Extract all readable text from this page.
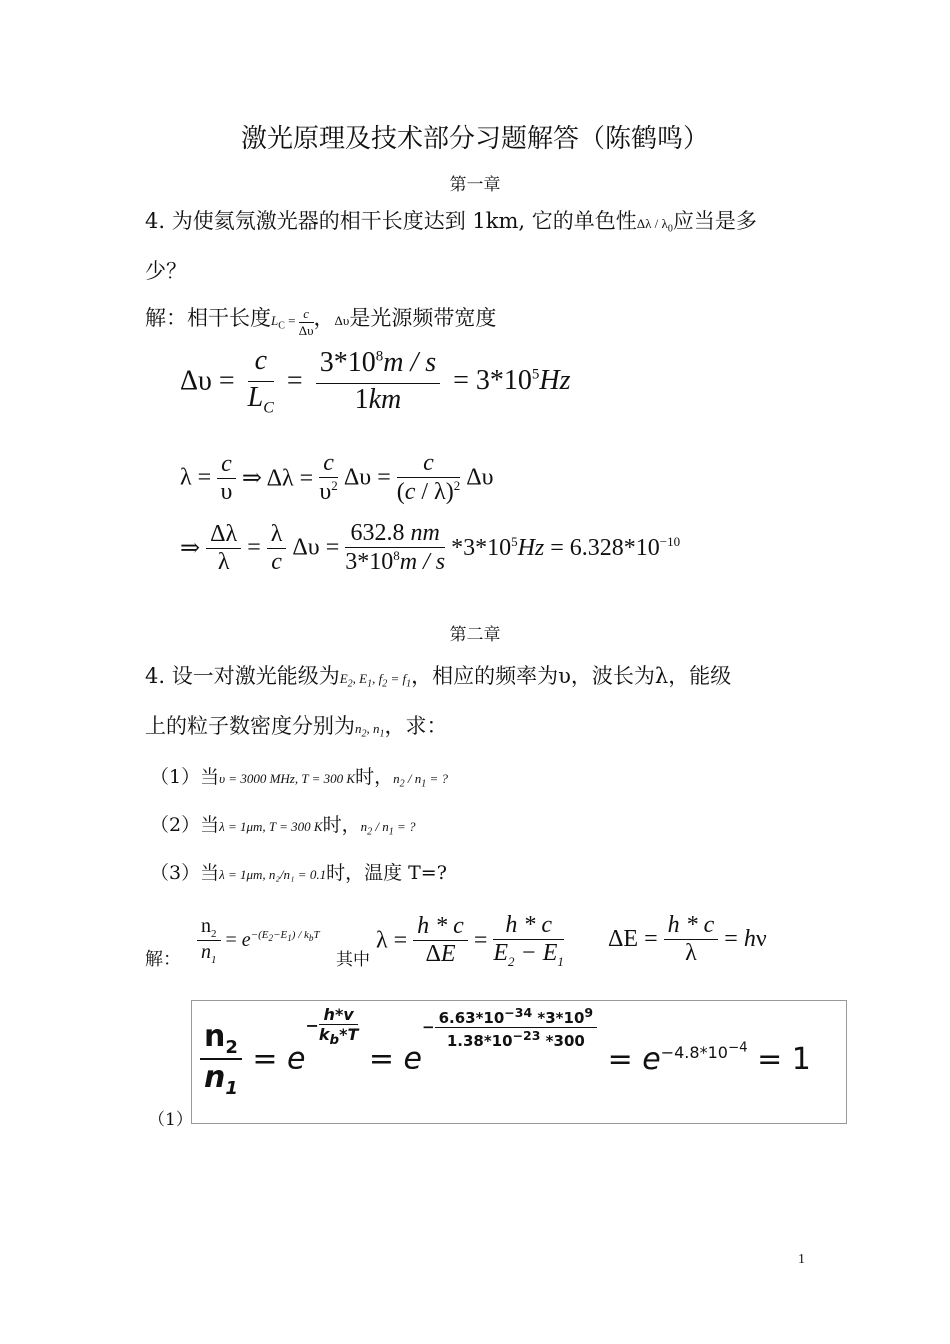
激光原理及技术部分习题解答（陈鹤鸣）
第一章
4. 为使氦氖激光器的相干长度达到 1km, 它的单色性Δλ / $\lambda_0$应当是多
少？
解：相干长度$L_C = \frac{c}{\Delta\upsilon}$ ，Δυ是光源频带宽度
$\Delta\upsilon = \frac{c}{L_C} = \frac{3*10^8m / s}{1km} = 3*10^5Hz$
$\lambda = \frac{c}{\upsilon}$ ⇒ $\Delta\lambda = \frac{c}{\upsilon^2}$ $\Delta\upsilon = \frac{c}{(c / \lambda)^2}$ Δυ
⇒ $\frac{\Delta\lambda}{\lambda} = \frac{\lambda}{c}$ $\Delta\upsilon = \frac{632.8 nm}{3*10^8m / s} *3*10^5Hz = 6.328*10^{-10}$
第二章
4. 设一对激光能级为$E_2$, $E_1$, $f_2 = f_1$，相应的频率为υ，波长为λ，能级
上的粒子数密度分别为$n_2$, $n_1$，求：
（1）当υ = 3000 MHz, T = 300 K时，$n_2 / n_1$ = ?
（2）当λ = 1μm, T = 300 K时，$n_2 / n_1$ = ?
（3）当λ = 1μm, n₂/n₁ = 0.1时，温度 T=?
解： $\frac{n_2}{n_1} = e^{-(E_2-E_1) / k_bT}$
其中
$\lambda = \frac{h * c}{\Delta E} = \frac{h * c}{E_2 - E_1}$ $\Delta E = \frac{h * c}{\lambda} = h\nu$
（1）
$\frac{n_2}{n_1} = e- \frac{h*v}{k_b*T}$
= $e- \frac{6.63*10^{-34} *3*10^9}{1.38*10^{-23} *300}$
= $e^{-4.8*10^{-4}} = 1$
1
